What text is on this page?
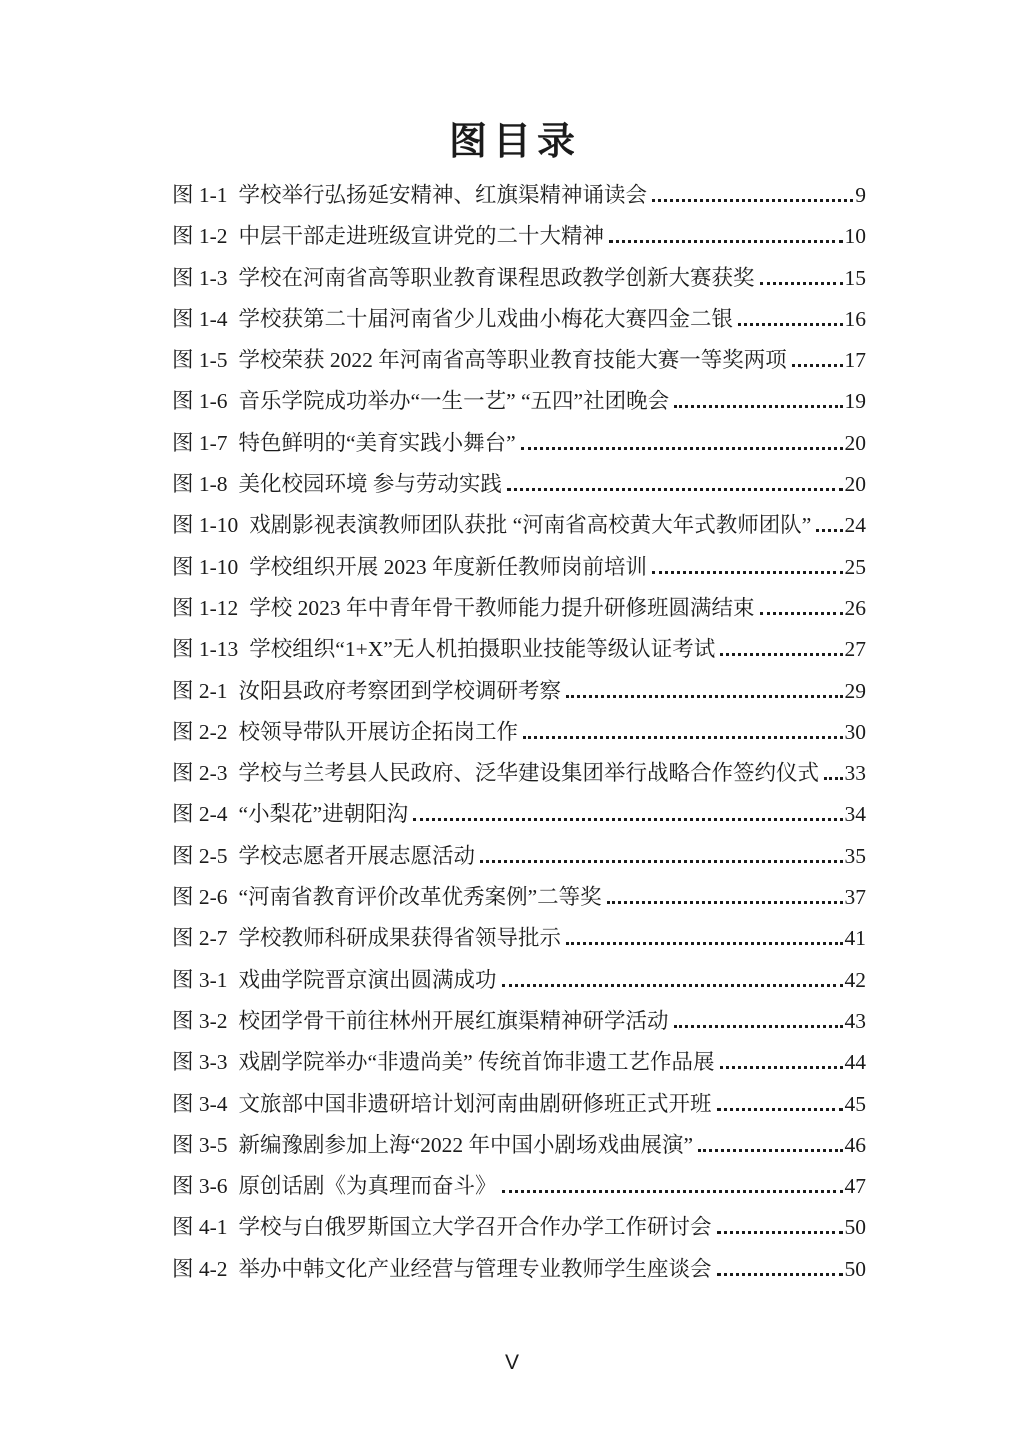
图目录
图 1-1 学校举行弘扬延安精神、红旗渠精神诵读会	9
图 1-2 中层干部走进班级宣讲党的二十大精神	10
图 1-3 学校在河南省高等职业教育课程思政教学创新大赛获奖	15
图 1-4 学校获第二十届河南省少儿戏曲小梅花大赛四金二银	16
图 1-5 学校荣获 2022 年河南省高等职业教育技能大赛一等奖两项	17
图 1-6 音乐学院成功举办“一生一艺” “五四”社团晚会	19
图 1-7 特色鲜明的“美育实践小舞台”	20
图 1-8 美化校园环境 参与劳动实践	20
图 1-10 戏剧影视表演教师团队获批 “河南省高校黄大年式教师团队” 24
图 1-10 学校组织开展 2023 年度新任教师岗前培训	25
图 1-12 学校 2023 年中青年骨干教师能力提升研修班圆满结束	26
图 1-13 学校组织“1+X”无人机拍摄职业技能等级认证考试	27
图 2-1 汝阳县政府考察团到学校调研考察	29
图 2-2 校领导带队开展访企拓岗工作	30
图 2-3 学校与兰考县人民政府、泛华建设集团举行战略合作签约仪式 33
图 2-4 “小梨花”进朝阳沟	34
图 2-5 学校志愿者开展志愿活动	35
图 2-6 “河南省教育评价改革优秀案例”二等奖	37
图 2-7 学校教师科研成果获得省领导批示	41
图 3-1 戏曲学院晋京演出圆满成功	42
图 3-2 校团学骨干前往林州开展红旗渠精神研学活动	43
图 3-3 戏剧学院举办“非遗尚美” 传统首饰非遗工艺作品展	44
图 3-4 文旅部中国非遗研培计划河南曲剧研修班正式开班	45
图 3-5 新编豫剧参加上海“2022 年中国小剧场戏曲展演”	46
图 3-6 原创话剧《为真理而奋斗》	47
图 4-1 学校与白俄罗斯国立大学召开合作办学工作研讨会	50
图 4-2 举办中韩文化产业经营与管理专业教师学生座谈会	50
V
